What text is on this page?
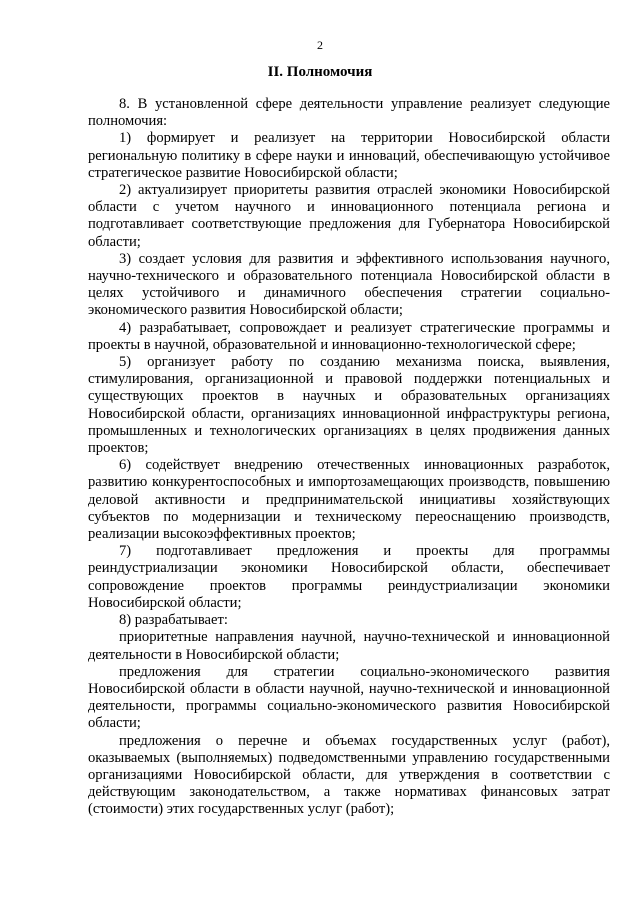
2
II. Полномочия

8. В установленной сфере деятельности управление реализует следующие полномочия:

1) формирует и реализует на территории Новосибирской области региональную политику в сфере науки и инноваций, обеспечивающую устойчивое стратегическое развитие Новосибирской области;

2) актуализирует приоритеты развития отраслей экономики Новосибирской области с учетом научного и инновационного потенциала региона и подготавливает соответствующие предложения для Губернатора Новосибирской области;

3) создает условия для развития и эффективного использования научного, научно-технического и образовательного потенциала Новосибирской области в целях устойчивого и динамичного обеспечения стратегии социально-экономического развития Новосибирской области;

4) разрабатывает, сопровождает и реализует стратегические программы и проекты в научной, образовательной и инновационно-технологической сфере;

5) организует работу по созданию механизма поиска, выявления, стимулирования, организационной и правовой поддержки потенциальных и существующих проектов в научных и образовательных организациях Новосибирской области, организациях инновационной инфраструктуры региона, промышленных и технологических организациях в целях продвижения данных проектов;

6) содействует внедрению отечественных инновационных разработок, развитию конкурентоспособных и импортозамещающих производств, повышению деловой активности и предпринимательской инициативы хозяйствующих субъектов по модернизации и техническому переоснащению производств, реализации высокоэффективных проектов;

7) подготавливает предложения и проекты для программы реиндустриализации экономики Новосибирской области, обеспечивает сопровождение проектов программы реиндустриализации экономики Новосибирской области;

8) разрабатывает:

приоритетные направления научной, научно-технической и инновационной деятельности в Новосибирской области;

предложения для стратегии социально-экономического развития Новосибирской области в области научной, научно-технической и инновационной деятельности, программы социально-экономического развития Новосибирской области;

предложения о перечне и объемах государственных услуг (работ), оказываемых (выполняемых) подведомственными управлению государственными организациями Новосибирской области, для утверждения в соответствии с действующим законодательством, а также нормативах финансовых затрат (стоимости) этих государственных услуг (работ);
